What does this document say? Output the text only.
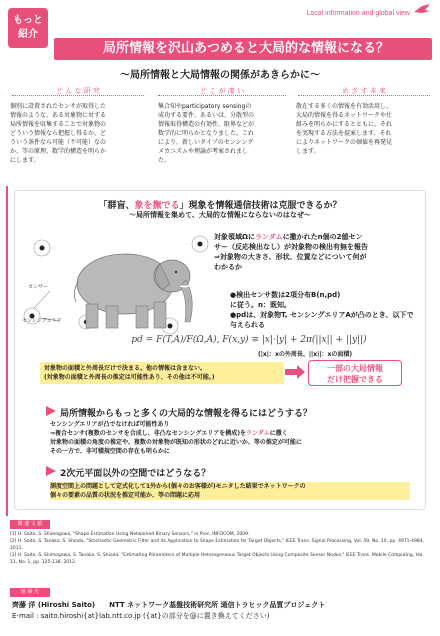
もっと
紹介
Local information and global view
局所情報を沢山あつめると大局的な情報になる？
〜局所情報と大局情報の関係があきらかに〜
ど ん な 研 究
個別に設置されたセンサが取得した
情報のような、ある対象物に対する
局所情報を収集することで対象物の
どういう情報なら把握し得るか、ど
ういう条件なら可能（不可能）なの
か、等の原理、数学的構造を明らか
にします。
ど こ が 凄 い
集合知やparticipatory sensingの
成功する要件、あるいは、分散型の
情報取得構造の有効性、限界などが
数学的に明らかとなりました。これ
により、新しいタイプのセンシング
メカニズムや理論が考案されまし
た。
め ざ す 未 来
散在する多くの情報を有効活用し、
大局的情報を得るネットワークや仕
組みを明らかにするとともに、それ
を実現する方法を提案します。それ
によりネットワークの価値を再発見
します。
「群盲、象を撫でる」現象を情報通信技術は克服できるか？
〜局所情報を集めて、大局的な情報にならないのはなぜ〜
センサー
センシングエリア
対象領域Ωにランダムに撒かれたn個の2値セン
サー（反応検出なし）が対象物の検出有無を報告
⇒対象物の大きさ、形状、位置などについて何が
わかるか
●検出センサ数は2項分布B(n,pd)
に従う。n：既知。
●pdは、対象物T, センシングエリアAが凸のとき、以下で与えられる
pd = F(T,A)/F(Ω,A), F(x,y) ≡ |x|·|y| + 2π(||x|| + ||y||)
(|x|：xの外周長、||x||：xの面積)
対象物の面積と外周長だけで決まる。他の情報は含まない。
(対象物の面積と外周長の推定は可能性あり、その他は不可能。)
一部の大局情報
だけ把握できる
局所情報からもっと多くの大局的な情報を得るにはどうする？
センシングエリアが凸でなければ可能性あり
⇒複合センサ(複数のセンサを合成し、非凸なセンシングエリアを構成)をランダムに撒く
対象物の面積の角度の推定や、複数の対象物が既知の形状のどれに近いか、等の推定が可能に
その一方で、非可積規空間の存在も明らかに
2次元平面以外の空間ではどうなる？
測度空間上の問題として定式化して1外から(個々のお客様が)モニタした結果でネットワークの
個々の要素の品質の状況を推定可能か、等の問題に応用
関 連 文 献
[1] H. Saito, S. Shimogawa, "Shape Estimation Using Networked Binary Sensors," in Proc. INFOCOM, 2009.
[2] H. Saito, S. Tanaka, S. Shioda, "Stochastic Geometric Filter and its Application to Shape Estimation for Target Objects," IEEE Trans. Signal Processing, Vol. 59, No. 10, pp. 4971-4984, 2011.
[3] H. Saito, S. Shimogawa, S. Tanaka, S. Shioda, "Estimating Parameters of Multiple Heterogeneous Target Objects Using Composite Sensor Nodes," IEEE Trans. Mobile Computing, Vol. 11, No. 1, pp. 125-138, 2012.
連 絡 先
齊藤 洋 (Hiroshi Saito)　　NTT ネットワーク基盤技術研究所 通信トラヒック品質プロジェクト
E-mail : saito.hiroshi{at}lab.ntt.co.jp ({at}の部分を@に置き換えてください)
